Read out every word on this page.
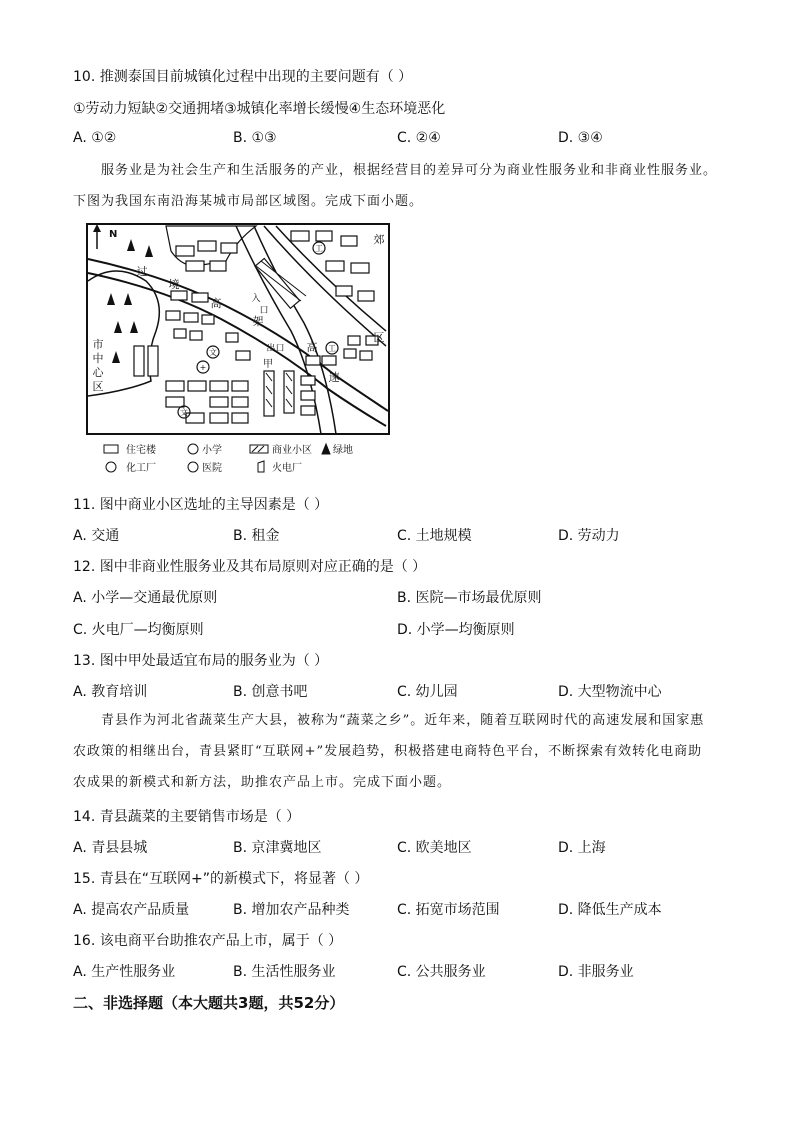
10. 推测泰国目前城镇化过程中出现的主要问题有（ ）
①劳动力短缺②交通拥堵③城镇化率增长缓慢④生态环境恶化
A. ①②	B. ①③	C. ②④	D. ③④

服务业是为社会生产和生活服务的产业，根据经营目的差异可分为商业性服务业和非商业性服务业。

下图为我国东南沿海某城市局部区域图。完成下面小题。

工
工
文
+
文
N
市
中
心
区
郊
区
过
境
高
架
高
速
入
口
出 口
甲
住宅楼	小学	商业小区 绿地
化工厂	医院	火电厂
11. 图中商业小区选址的主导因素是（ ）
A. 交通	B. 租金	C. 土地规模	D. 劳动力
12. 图中非商业性服务业及其布局原则对应正确的是（ ）
A. 小学—交通最优原则	B. 医院—市场最优原则
C. 火电厂—均衡原则	D. 小学—均衡原则
13. 图中甲处最适宜布局的服务业为（ ）
A. 教育培训	B. 创意书吧	C. 幼儿园	D. 大型物流中心

青县作为河北省蔬菜生产大县，被称为“蔬菜之乡”。近年来，随着互联网时代的高速发展和国家惠

农政策的相继出台，青县紧盯“互联网+”发展趋势，积极搭建电商特色平台，不断探索有效转化电商助

农成果的新模式和新方法，助推农产品上市。完成下面小题。

14. 青县蔬菜的主要销售市场是（ ）
A. 青县县城	B. 京津冀地区	C. 欧美地区	D. 上海
15. 青县在“互联网+”的新模式下，将显著（ ）
A. 提高农产品质量	B. 增加农产品种类	C. 拓宽市场范围	D. 降低生产成本
16. 该电商平台助推农产品上市，属于（ ）
A. 生产性服务业	B. 生活性服务业	C. 公共服务业	D. 非服务业
二、非选择题（本大题共3题，共52分）
